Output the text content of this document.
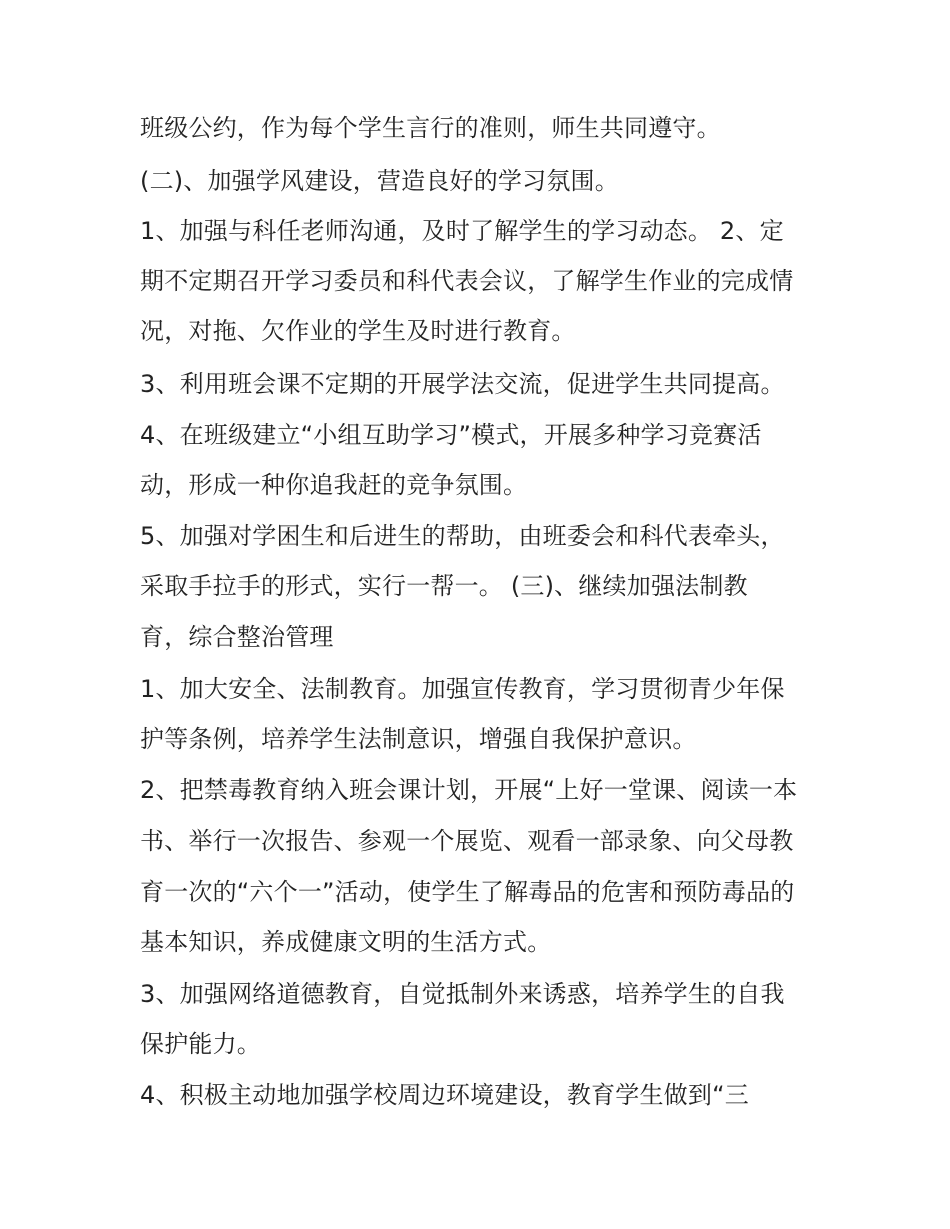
班级公约，作为每个学生言行的准则，师生共同遵守。
(二)、加强学风建设，营造良好的学习氛围。
1、加强与科任老师沟通，及时了解学生的学习动态。 2、定
期不定期召开学习委员和科代表会议，了解学生作业的完成情
况，对拖、欠作业的学生及时进行教育。
3、利用班会课不定期的开展学法交流，促进学生共同提高。
4、在班级建立“小组互助学习”模式，开展多种学习竞赛活
动，形成一种你追我赶的竞争氛围。
5、加强对学困生和后进生的帮助，由班委会和科代表牵头，
采取手拉手的形式，实行一帮一。 (三)、继续加强法制教
育，综合整治管理
1、加大安全、法制教育。加强宣传教育，学习贯彻青少年保
护等条例，培养学生法制意识，增强自我保护意识。
2、把禁毒教育纳入班会课计划，开展“上好一堂课、阅读一本
书、举行一次报告、参观一个展览、观看一部录象、向父母教
育一次的“六个一”活动，使学生了解毒品的危害和预防毒品的
基本知识，养成健康文明的生活方式。
3、加强网络道德教育，自觉抵制外来诱惑，培养学生的自我
保护能力。
4、积极主动地加强学校周边环境建设，教育学生做到“三
